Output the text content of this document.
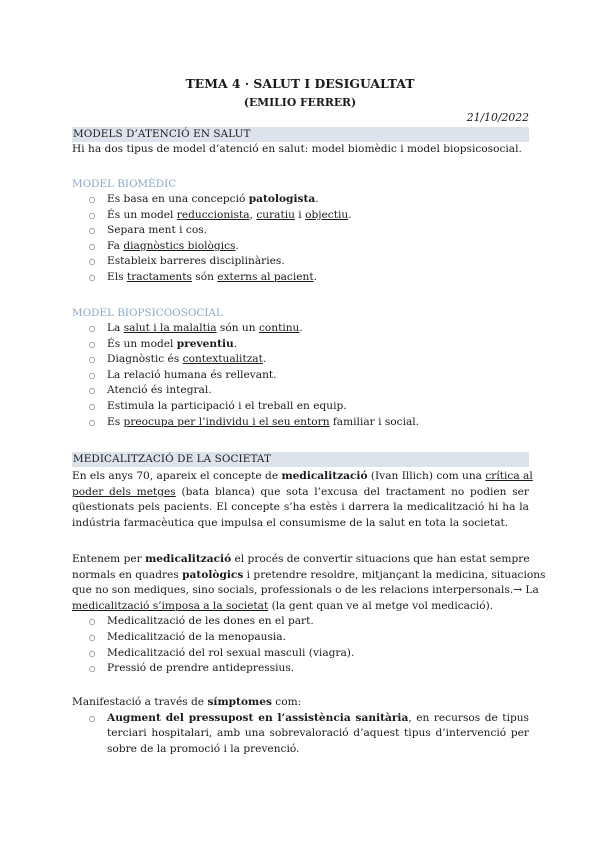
TEMA 4 · SALUT I DESIGUALTAT
(EMILIO FERRER)
21/10/2022
MODELS D’ATENCIÓ EN SALUT
Hi ha dos tipus de model d’atenció en salut: model biomèdic i model biopsicosocial.
MODEL BIOMÈDIC
○ Es basa en una concepció patologista.
○ És un model reduccionista, curatiu i objectiu.
○ Separa ment i cos.
○ Fa diagnòstics biològics.
○ Estableix barreres disciplinàries.
○ Els tractaments són externs al pacient.
MODEL BIOPSICOOSOCIAL
○ La salut i la malaltia són un continu.
○ És un model preventiu.
○ Diagnòstic és contextualitzat.
○ La relació humana és rellevant.
○ Atenció és integral.
○ Estimula la participació i el treball en equip.
○ Es preocupa per l’individu i el seu entorn familiar i social.
MEDICALITZACIÓ DE LA SOCIETAT
En els anys 70, apareix el concepte de medicalització (Ivan Illich) com una crítica al
poder dels metges (bata blanca) que sota l’excusa del tractament no podien ser
qüestionats pels pacients. El concepte s’ha estès i darrera la medicalització hi ha la
indústria farmacèutica que impulsa el consumisme de la salut en tota la societat.
Entenem per medicalització el procés de convertir situacions que han estat sempre
normals en quadres patològics i pretendre resoldre, mitjançant la medicina, situacions
que no son mediques, sino socials, professionals o de les relacions interpersonals.→ La
medicalització s’imposa a la societat (la gent quan ve al metge vol medicació).
○ Medicalització de les dones en el part.
○ Medicalització de la menopausia.
○ Medicalització del rol sexual masculi (viagra).
○ Pressió de prendre antidepressius.
Manifestació a través de símptomes com:
○ Augment del pressupost en l’assistència sanitària, en recursos de tipus terciari hospitalari, amb una sobrevaloració d’aquest tipus d’intervenció per sobre de la promoció i la prevenció.
